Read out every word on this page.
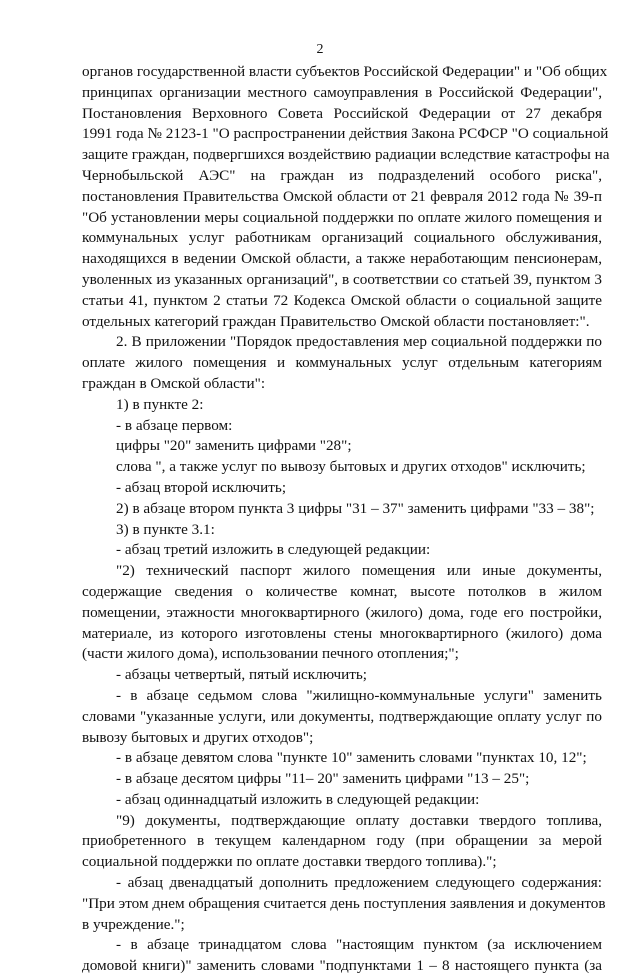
2
органов государственной власти субъектов Российской Федерации" и "Об общих
принципах организации местного самоуправления в Российской Федерации",
Постановления Верховного Совета Российской Федерации от 27 декабря
1991 года № 2123-1 "О распространении действия Закона РСФСР "О социальной
защите граждан, подвергшихся воздействию радиации вследствие катастрофы на
Чернобыльской АЭС" на граждан из подразделений особого риска",
постановления Правительства Омской области от 21 февраля 2012 года № 39-п
"Об установлении меры социальной поддержки по оплате жилого помещения и
коммунальных услуг работникам организаций социального обслуживания,
находящихся в ведении Омской области, а также неработающим пенсионерам,
уволенных из указанных организаций", в соответствии со статьей 39, пунктом 3
статьи 41, пунктом 2 статьи 72 Кодекса Омской области о социальной защите
отдельных категорий граждан Правительство Омской области постановляет:".
2. В приложении "Порядок предоставления мер социальной поддержки по
оплате жилого помещения и коммунальных услуг отдельным категориям
граждан в Омской области":
1) в пункте 2:
- в абзаце первом:
цифры "20" заменить цифрами "28";
слова ", а также услуг по вывозу бытовых и других отходов" исключить;
- абзац второй исключить;
2) в абзаце втором пункта 3 цифры "31 – 37" заменить цифрами "33 – 38";
3) в пункте 3.1:
- абзац третий изложить в следующей редакции:
"2) технический паспорт жилого помещения или иные документы,
содержащие сведения о количестве комнат, высоте потолков в жилом
помещении, этажности многоквартирного (жилого) дома, годе его постройки,
материале, из которого изготовлены стены многоквартирного (жилого) дома
(части жилого дома), использовании печного отопления;";
- абзацы четвертый, пятый исключить;
- в абзаце седьмом слова "жилищно-коммунальные услуги" заменить
словами "указанные услуги, или документы, подтверждающие оплату услуг по
вывозу бытовых и других отходов";
- в абзаце девятом слова "пункте 10" заменить словами "пунктах 10, 12";
- в абзаце десятом цифры "11– 20" заменить цифрами "13 – 25";
- абзац одиннадцатый изложить в следующей редакции:
"9) документы, подтверждающие оплату доставки твердого топлива,
приобретенного в текущем календарном году (при обращении за мерой
социальной поддержки по оплате доставки твердого топлива).";
- абзац двенадцатый дополнить предложением следующего содержания:
"При этом днем обращения считается день поступления заявления и документов
в учреждение.";
- в абзаце тринадцатом слова "настоящим пунктом (за исключением
домовой книги)" заменить словами "подпунктами 1 – 8 настоящего пункта (за
